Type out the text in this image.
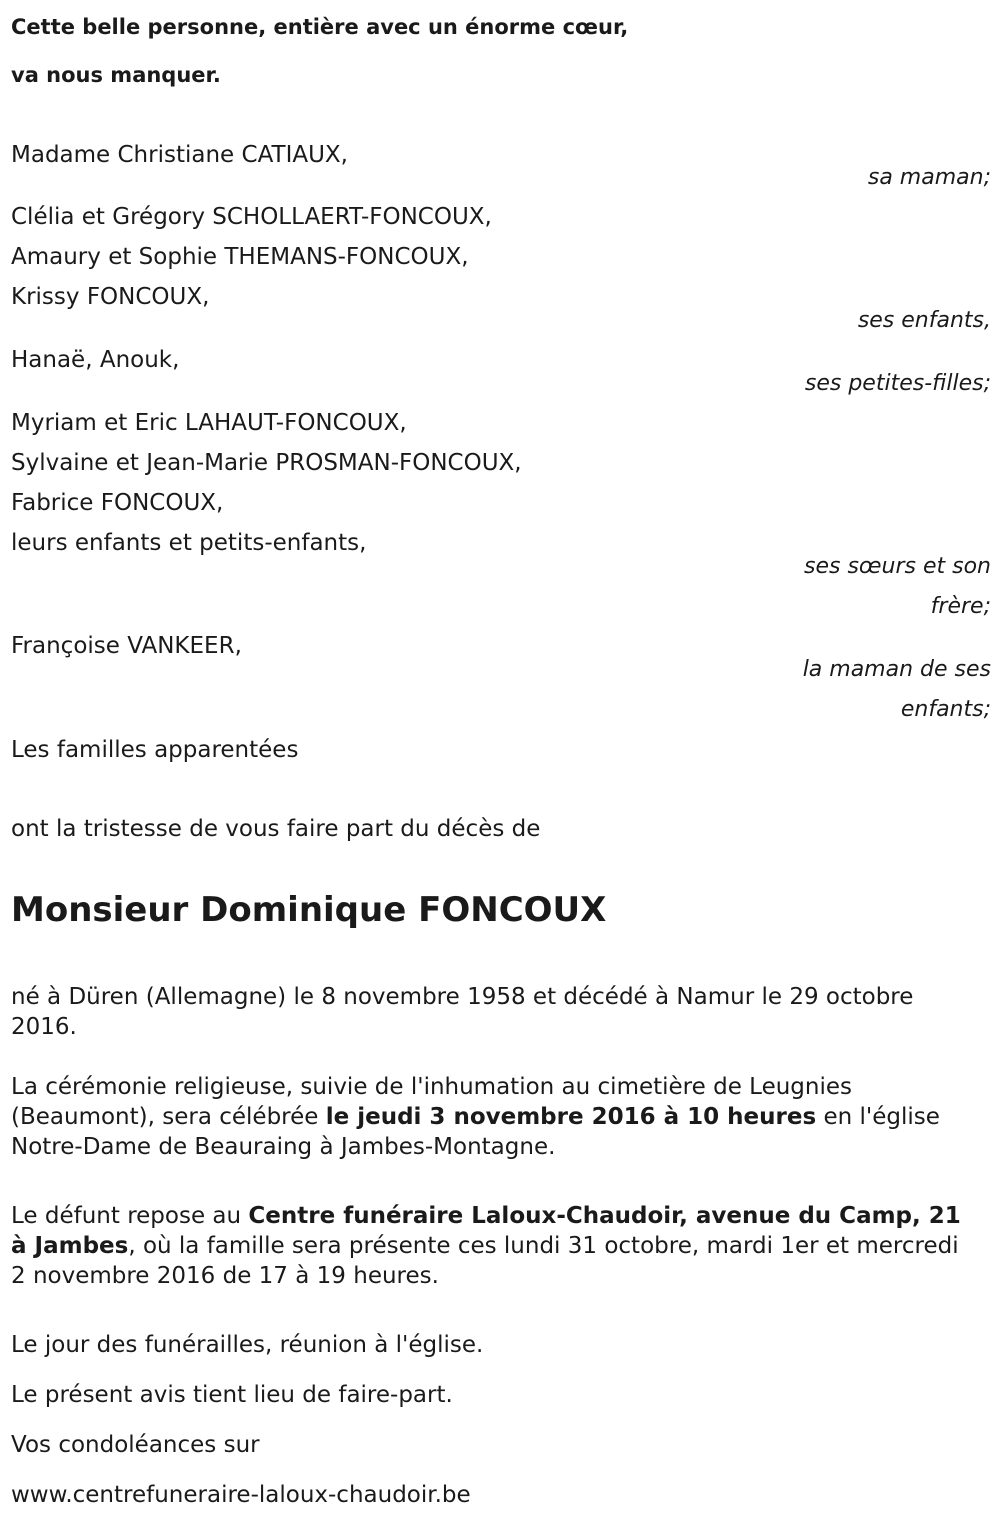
Cette belle personne, entière avec un énorme cœur,

va nous manquer.

Madame Christiane CATIAUX,
sa maman;
Clélia et Grégory SCHOLLAERT-FONCOUX,
Amaury et Sophie THEMANS-FONCOUX,
Krissy FONCOUX,
ses enfants,
Hanaë, Anouk,
ses petites-filles;
Myriam et Eric LAHAUT-FONCOUX,
Sylvaine et Jean-Marie PROSMAN-FONCOUX,
Fabrice FONCOUX,
leurs enfants et petits-enfants,
ses sœurs et son
frère;
Françoise VANKEER,
la maman de ses
enfants;
Les familles apparentées
ont la tristesse de vous faire part du décès de
Monsieur Dominique FONCOUX

né à Düren (Allemagne) le 8 novembre 1958 et décédé à Namur le 29 octobre 2016.

La cérémonie religieuse, suivie de l'inhumation au cimetière de Leugnies (Beaumont), sera célébrée le jeudi 3 novembre 2016 à 10 heures en l'église Notre-Dame de Beauraing à Jambes-Montagne.

Le défunt repose au Centre funéraire Laloux-Chaudoir, avenue du Camp, 21 à Jambes, où la famille sera présente ces lundi 31 octobre, mardi 1er et mercredi 2 novembre 2016 de 17 à 19 heures.

Le jour des funérailles, réunion à l'église.

Le présent avis tient lieu de faire-part.

Vos condoléances sur

www.centrefuneraire-laloux-chaudoir.be
